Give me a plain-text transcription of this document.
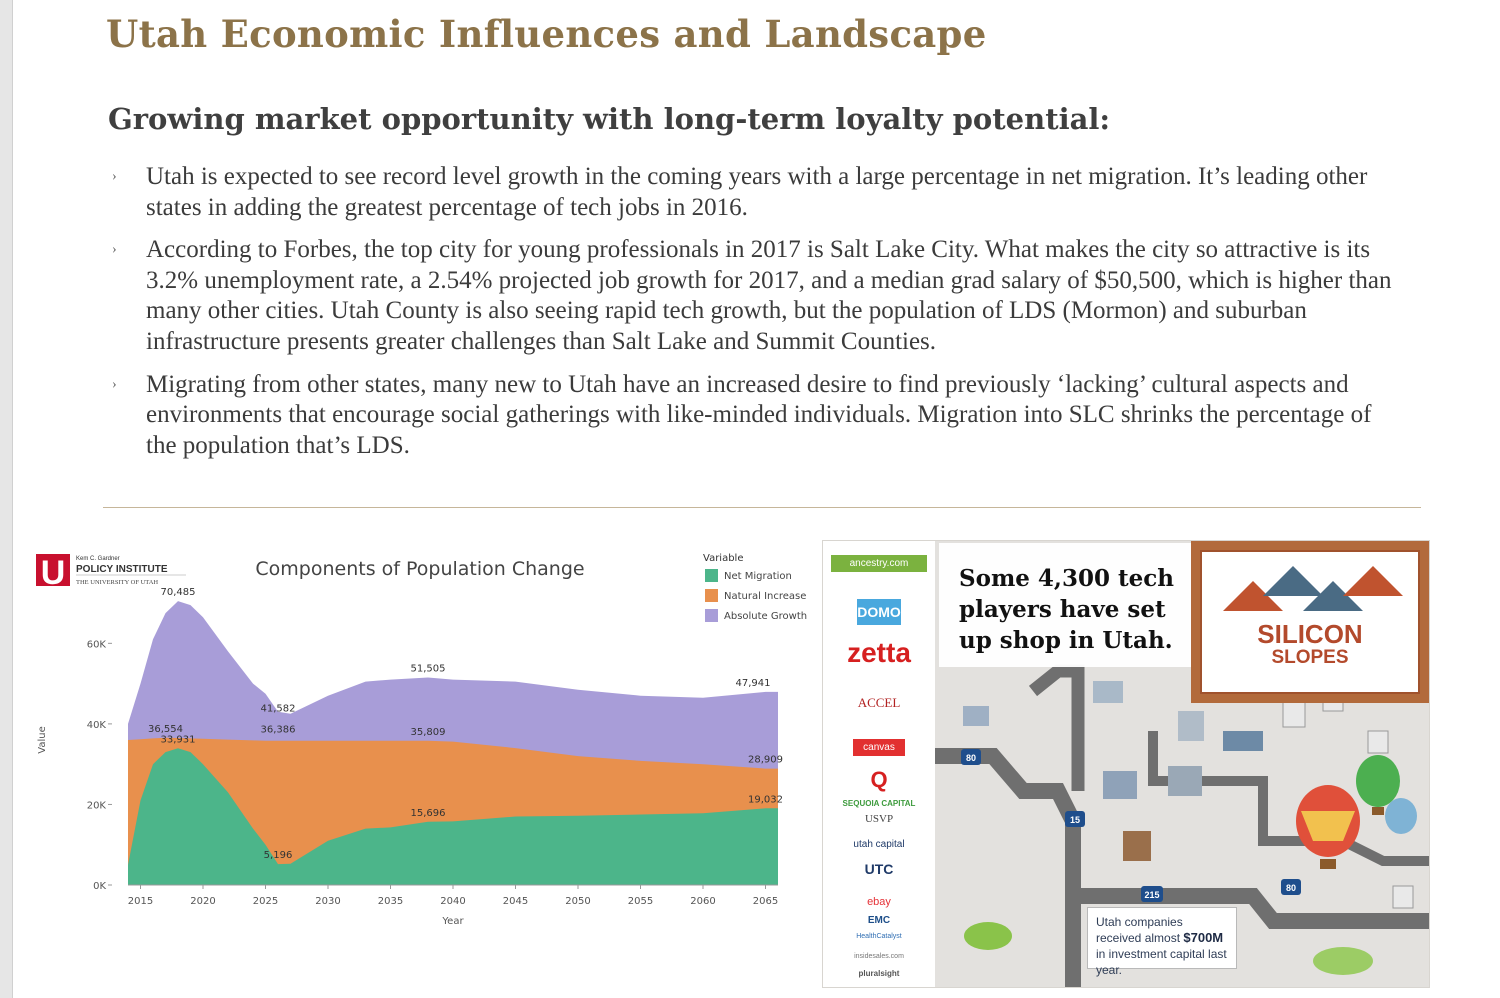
Utah Economic Influences and Landscape
Growing market opportunity with long-term loyalty potential:
› Utah is expected to see record level growth in the coming years with a large percentage in net migration. It’s leading other states in adding the greatest percentage of tech jobs in 2016.
› According to Forbes, the top city for young professionals in 2017 is Salt Lake City. What makes the city so attractive is its 3.2% unemployment rate, a 2.54% projected job growth for 2017, and a median grad salary of $50,500, which is higher than many other cities. Utah County is also seeing rapid tech growth, but the population of LDS (Mormon) and suburban infrastructure presents greater challenges than Salt Lake and Summit Counties.
› Migrating from other states, many new to Utah have an increased desire to find previously ‘lacking’ cultural aspects and environments that encourage social gatherings with like-minded individuals. Migration into SLC shrinks the percentage of the population that’s LDS.
U Kem C. Gardner
POLICY INSTITUTE
THE UNIVERSITY OF UTAH
Components of Population Change
2015	2020	2025	2030	2035	2040	2045	2050	2055	2060	2065
0K
20K
40K
60K
Value
Year
70,485
36,554
33,931
41,582
36,386
5,196
51,505
35,809
15,696
47,941
28,909
19,032
Variable
Net Migration
Natural Increase
Absolute Growth
80
15
215
80
SILICON
SLOPES
ancestry.com
DOMO
zetta
ACCEL
canvas
Q
SEQUOIA CAPITAL
USVP
utah capital
UTC
ebay
EMC
HealthCatalyst
insidesales.com
pluralsight
Some 4,300 tech players have set up shop in Utah.
Utah companies received almost $700M in investment capital last year.
